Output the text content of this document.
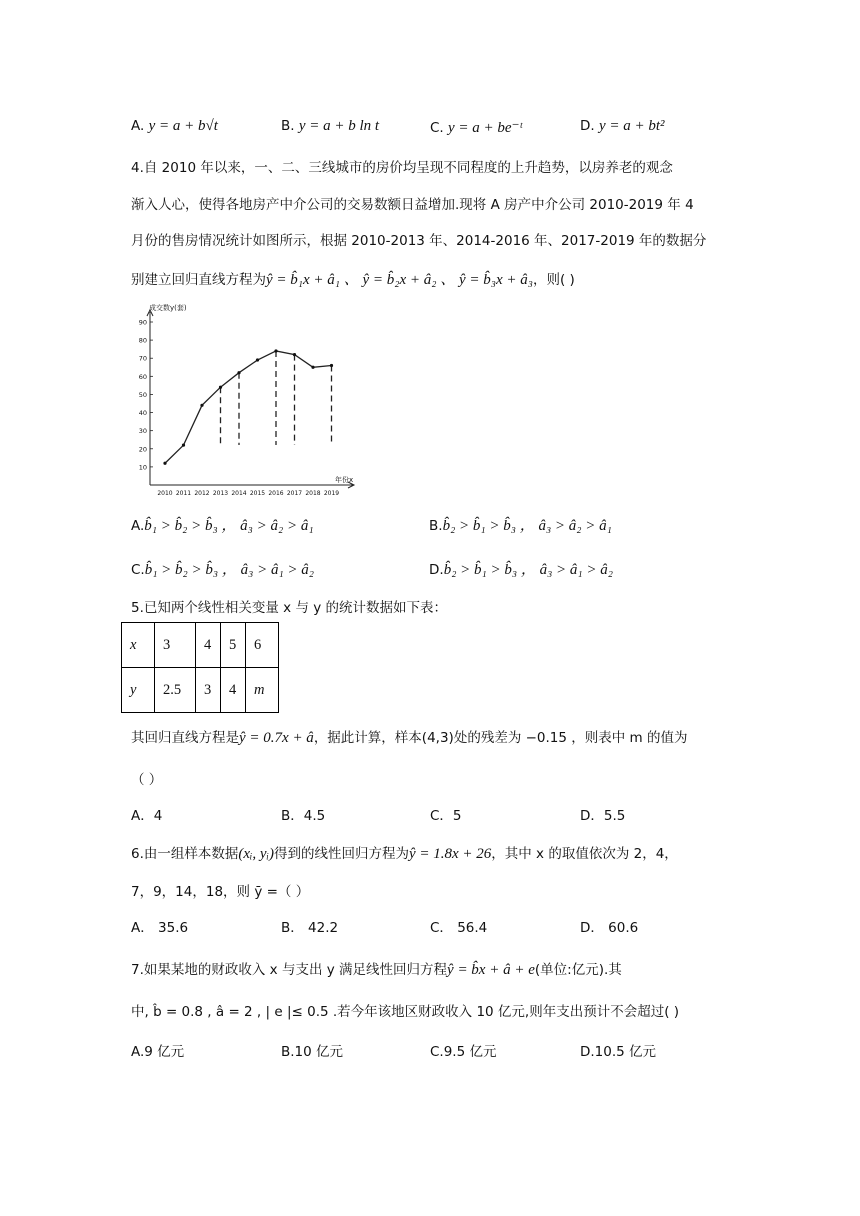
A. y = a + b√t	B. y = a + b ln t	C. y = a + be⁻ᵗ	D. y = a + bt²
4.自 2010 年以来，一、二、三线城市的房价均呈现不同程度的上升趋势，以房养老的观念
渐入人心，使得各地房产中介公司的交易数额日益增加.现将 A 房产中介公司 2010-2019 年 4
月份的售房情况统计如图所示，根据 2010-2013 年、2014-2016 年、2017-2019 年的数据分
别建立回归直线方程为ŷ = b̂₁x + â₁ 、 ŷ = b̂₂x + â₂ 、 ŷ = b̂₃x + â₃，则( )
10
20
30
40
50
60
70
80
90
2010 2011 2012 2013 2014 2015 2016 2017 2018 2019
成交数y(套)
年份x
A.b̂₁ > b̂₂ > b̂₃ ， â₃ > â₂ > â₁	B.b̂₂ > b̂₁ > b̂₃ ， â₃ > â₂ > â₁
C.b̂₁ > b̂₂ > b̂₃ ， â₃ > â₁ > â₂	D.b̂₂ > b̂₁ > b̂₃ ， â₃ > â₁ > â₂
5.已知两个线性相关变量 x 与 y 的统计数据如下表：
x	3	4	5	6
y	2.5	3	4	m
其回归直线方程是ŷ = 0.7x + â，据此计算，样本(4,3)处的残差为 −0.15 ，则表中 m 的值为
（ ）
A．4	B．4.5	C．5	D．5.5
6.由一组样本数据(xᵢ, yᵢ)得到的线性回归方程为ŷ = 1.8x + 26，其中 x 的取值依次为 2，4，
7，9，14，18，则 ȳ =（ ）
A． 35.6	B． 42.2	C． 56.4	D． 60.6
7.如果某地的财政收入 x 与支出 y 满足线性回归方程ŷ = b̂x + â + e(单位:亿元).其
中, b̂ = 0.8 , â = 2 , | e |≤ 0.5 .若今年该地区财政收入 10 亿元,则年支出预计不会超过( )
A.9 亿元	B.10 亿元	C.9.5 亿元	D.10.5 亿元
